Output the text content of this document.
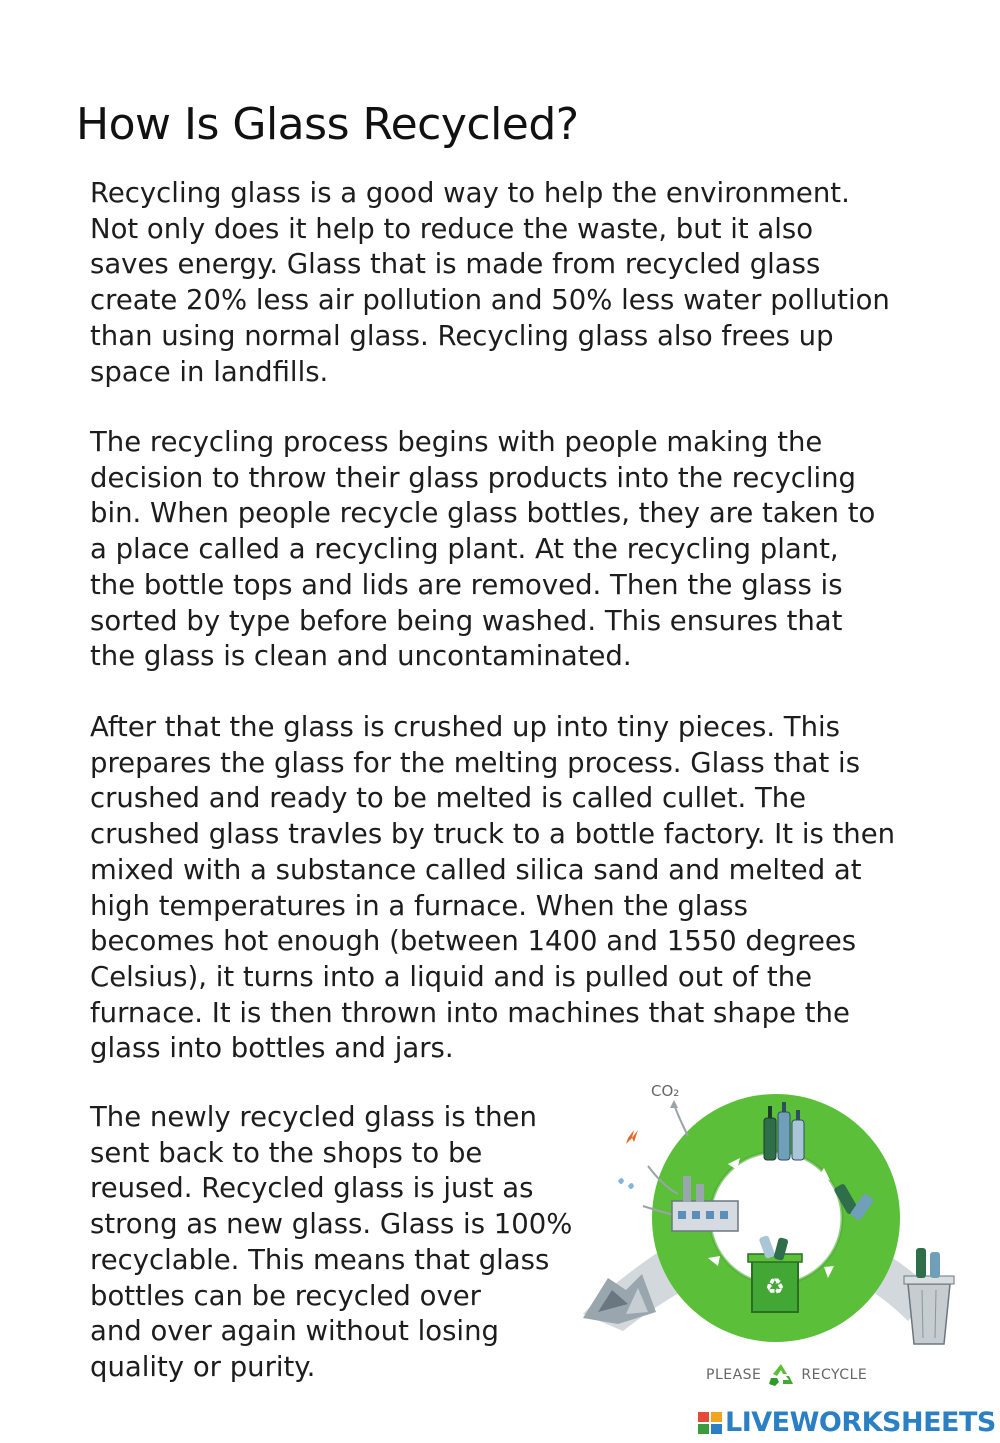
How Is Glass Recycled?
Recycling glass is a good way to help the environment.
Not only does it help to reduce the waste, but it also
saves energy. Glass that is made from recycled glass
create 20% less air pollution and 50% less water pollution
than using normal glass. Recycling glass also frees up
space in landfills.
The recycling process begins with people making the
decision to throw their glass products into the recycling
bin. When people recycle glass bottles, they are taken to
a place called a recycling plant. At the recycling plant,
the bottle tops and lids are removed. Then the glass is
sorted by type before being washed. This ensures that
the glass is clean and uncontaminated.
After that the glass is crushed up into tiny pieces. This
prepares the glass for the melting process. Glass that is
crushed and ready to be melted is called cullet. The
crushed glass travles by truck to a bottle factory. It is then
mixed with a substance called silica sand and melted at
high temperatures in a furnace. When the glass
becomes hot enough (between 1400 and 1550 degrees
Celsius), it turns into a liquid and is pulled out of the
furnace. It is then thrown into machines that shape the
glass into bottles and jars.
The newly recycled glass is then
sent back to the shops to be
reused. Recycled glass is just as
strong as new glass. Glass is 100%
recyclable. This means that glass
bottles can be recycled over
and over again without losing
quality or purity.
CO₂
♻
PLEASE	RECYCLE
LIVEWORKSHEETS
